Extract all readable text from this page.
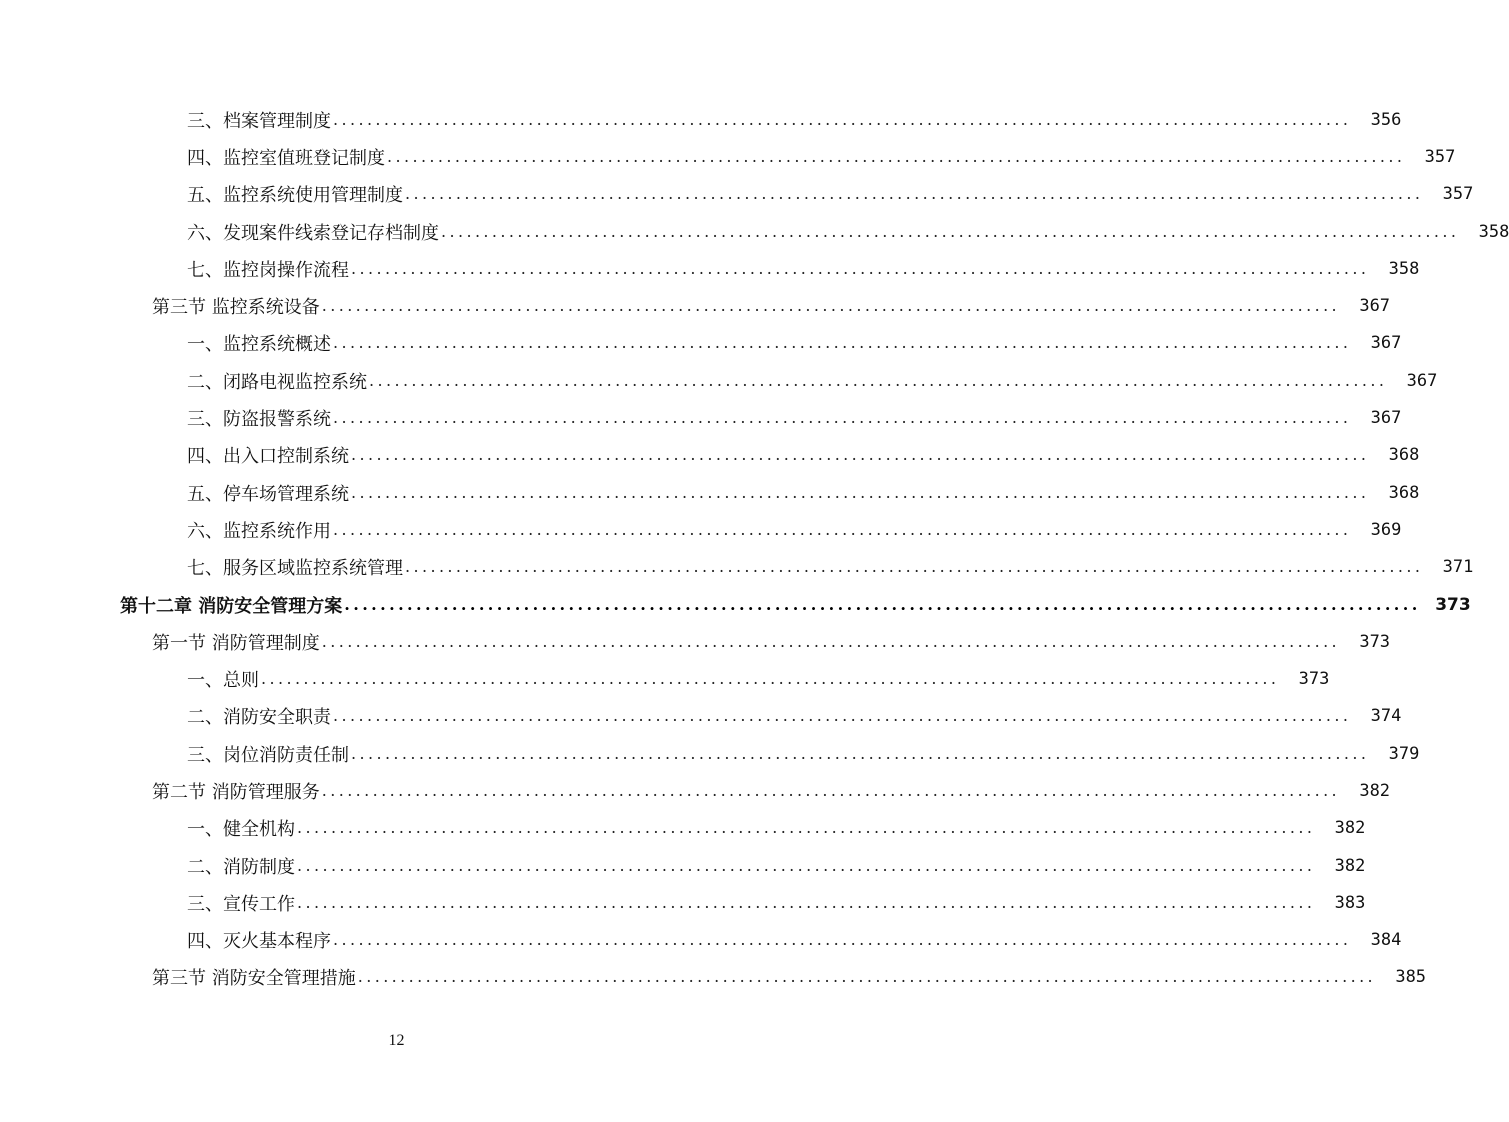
三、档案管理制度 ........................................................................................................................	356
四、监控室值班登记制度 ........................................................................................................................	357
五、监控系统使用管理制度 ........................................................................................................................	357
六、发现案件线索登记存档制度 ........................................................................................................................	358
七、监控岗操作流程 ........................................................................................................................	358
第三节 监控系统设备 ........................................................................................................................	367
一、监控系统概述 ........................................................................................................................	367
二、闭路电视监控系统 ........................................................................................................................	367
三、防盗报警系统 ........................................................................................................................	367
四、出入口控制系统 ........................................................................................................................	368
五、停车场管理系统 ........................................................................................................................	368
六、监控系统作用 ........................................................................................................................	369
七、服务区域监控系统管理 ........................................................................................................................	371
第十二章 消防安全管理方案 ........................................................................................................................ 373
第一节 消防管理制度 ........................................................................................................................	373
一、总则 ........................................................................................................................	373
二、消防安全职责 ........................................................................................................................	374
三、岗位消防责任制 ........................................................................................................................	379
第二节 消防管理服务 ........................................................................................................................	382
一、健全机构 ........................................................................................................................	382
二、消防制度 ........................................................................................................................	382
三、宣传工作 ........................................................................................................................	383
四、灭火基本程序 ........................................................................................................................	384
第三节 消防安全管理措施 ........................................................................................................................	385
12
